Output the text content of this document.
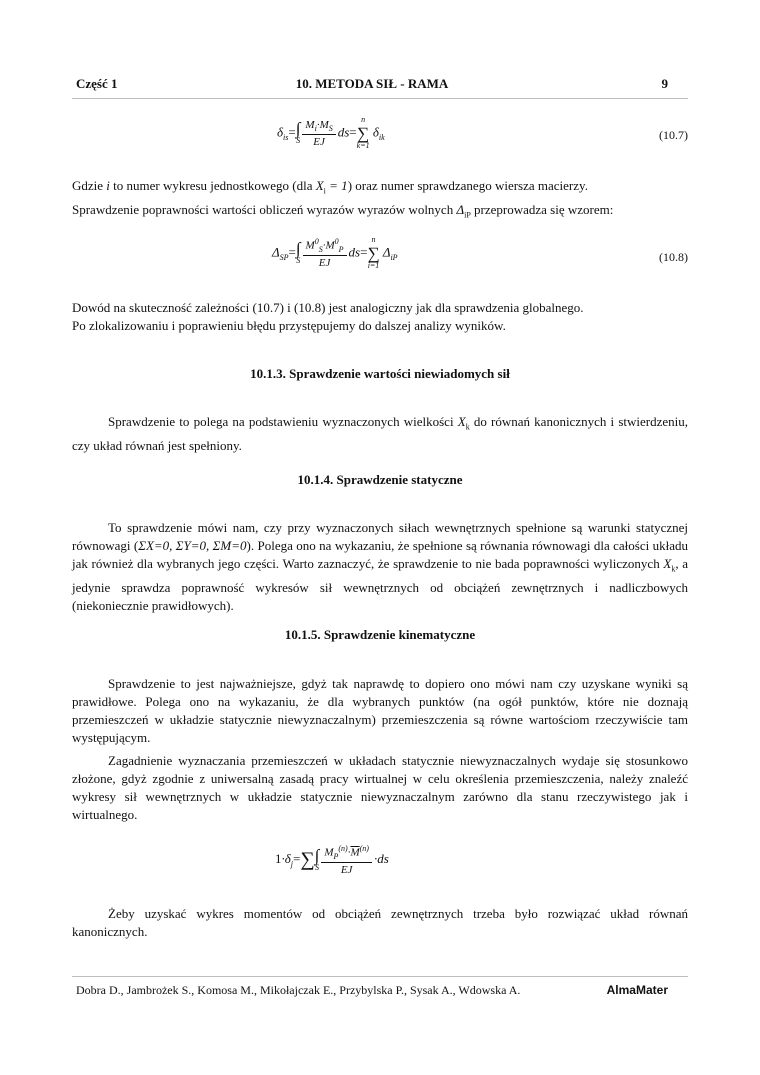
Część 1	10. METODA SIŁ - RAMA	9
$\delta_{is}=$ ∫
S $\frac{M_i\cdot M_S}{EJ} ds=n$
∑
k=1 $\delta_{ik}$	(10.7)

Gdzie i to numer wykresu jednostkowego (dla $X_i = 1$) oraz numer sprawdzanego wiersza macierzy.

Sprawdzenie poprawności wartości obliczeń wyrazów wyrazów wolnych $\Delta_{iP}$ przeprowadza się wzorem:

$\Delta_{SP}=$ ∫
S $\frac{M^0_S\cdot M^0_P}{EJ} ds=n$
∑
i=1 $\Delta_{iP}$	(10.8)

Dowód na skuteczność zależności (10.7) i (10.8) jest analogiczny jak dla sprawdzenia globalnego.

Po zlokalizowaniu i poprawieniu błędu przystępujemy do dalszej analizy wyników.

10.1.3. Sprawdzenie wartości niewiadomych sił

Sprawdzenie to polega na podstawieniu wyznaczonych wielkości $X_k$ do równań kanonicznych i stwierdzeniu, czy układ równań jest spełniony.

10.1.4. Sprawdzenie statyczne

To sprawdzenie mówi nam, czy przy wyznaczonych siłach wewnętrznych spełnione są warunki statycznej równowagi (ΣX=0, ΣY=0, ΣM=0). Polega ono na wykazaniu, że spełnione są równania równowagi dla całości układu jak również dla wybranych jego części. Warto zaznaczyć, że sprawdzenie to nie bada poprawności wyliczonych $X_k$, a jedynie sprawdza poprawność wykresów sił wewnętrznych od obciążeń zewnętrznych i nadliczbowych (niekoniecznie prawidłowych).

10.1.5. Sprawdzenie kinematyczne

Sprawdzenie to jest najważniejsze, gdyż tak naprawdę to dopiero ono mówi nam czy uzyskane wyniki są prawidłowe. Polega ono na wykazaniu, że dla wybranych punktów (na ogół punktów, które nie doznają przemieszczeń w układzie statycznie niewyznaczalnym) przemieszczenia są równe wartościom rzeczywiście tam występującym.

Zagadnienie wyznaczania przemieszczeń w układach statycznie niewyznaczalnych wydaje się stosunkowo złożone, gdyż zgodnie z uniwersalną zasadą pracy wirtualnej w celu określenia przemieszczenia, należy znaleźć wykresy sił wewnętrznych w układzie statycznie niewyznaczalnym zarówno dla stanu rzeczywistego jak i wirtualnego.

$1\cdot\delta_j=\sum$ ∫
S $\frac{M_P^{(n)}\cdot\overline{M}^{(n)}}{EJ} \cdot ds$

Żeby uzyskać wykres momentów od obciążeń zewnętrznych trzeba było rozwiązać układ równań kanonicznych.

Dobra D., Jambrożek S., Komosa M., Mikołajczak E., Przybylska P., Sysak A., Wdowska A.	AlmaMater
